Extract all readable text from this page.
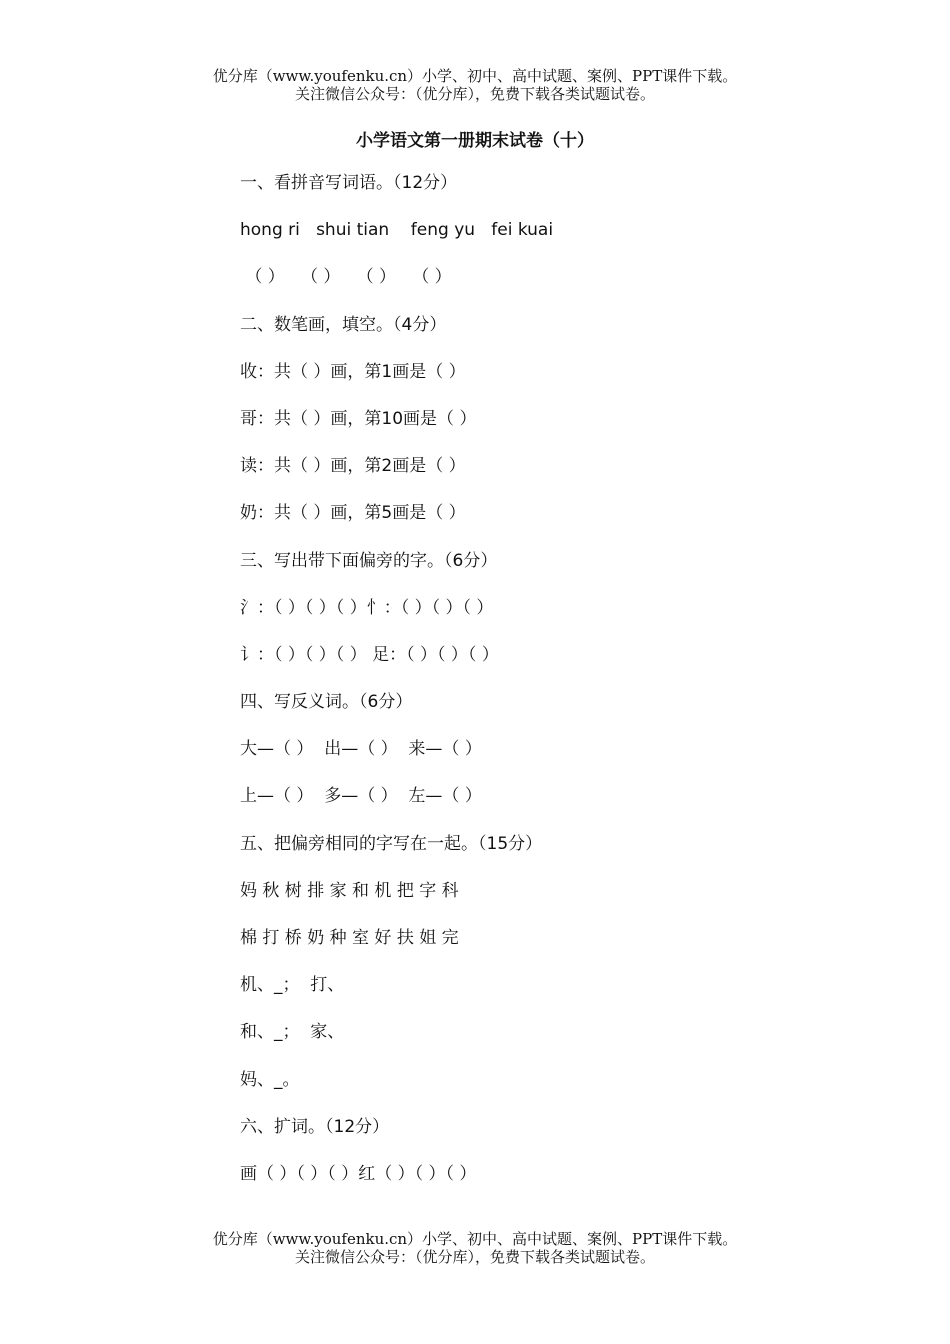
优分库（www.youfenku.cn）小学、初中、高中试题、案例、PPT课件下载。
关注微信公众号：（优分库），免费下载各类试题试卷。
小学语文第一册期末试卷（十）
一、看拼音写词语。（12分）
hong ri   shui tian    feng yu   fei kuai
（ ）   （ ）   （ ）   （ ）
二、数笔画，填空。（4分）
收：共（ ）画，第1画是（ ）
哥：共（ ）画，第10画是（ ）
读：共（ ）画，第2画是（ ）
奶：共（ ）画，第5画是（ ）
三、写出带下面偏旁的字。（6分）
氵：（ ）（ ）（ ）忄：（ ）（ ）（ ）
讠：（ ）（ ）（ ） 足：（ ）（ ）（ ）
四、写反义词。（6分）
大—（ ）  出—（ ）  来—（ ）
上—（ ）  多—（ ）  左—（ ）
五、把偏旁相同的字写在一起。（15分）
妈 秋 树 排 家 和 机 把 字 科
棉 打 桥 奶 种 室 好 扶 姐 完
机、_；  打、
和、_；  家、
妈、_。
六、扩词。（12分）
画（ ）（ ）（ ）红（ ）（ ）（ ）
优分库（www.youfenku.cn）小学、初中、高中试题、案例、PPT课件下载。
关注微信公众号：（优分库），免费下载各类试题试卷。
